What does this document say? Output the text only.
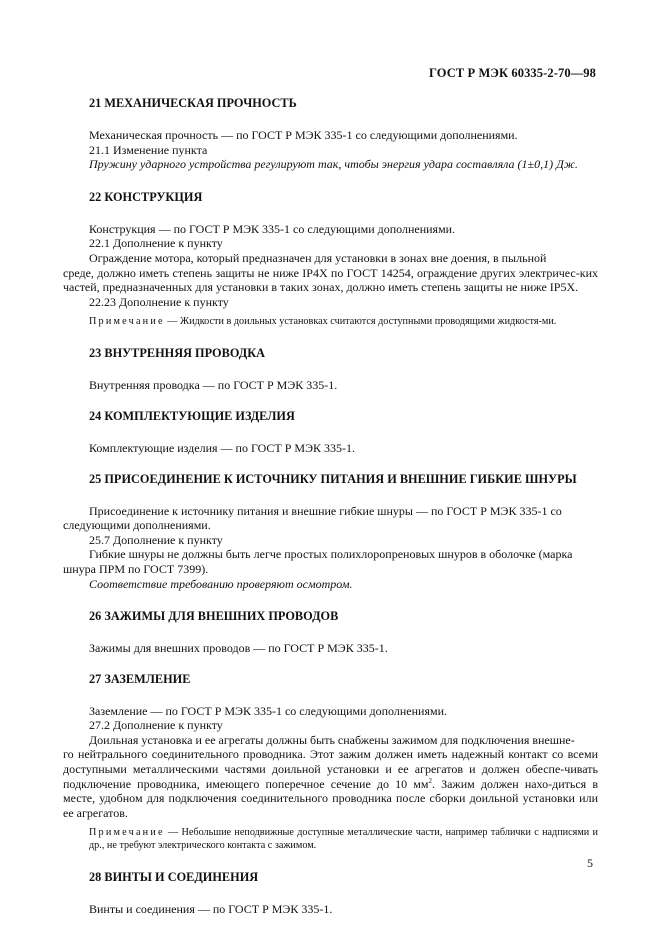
ГОСТ Р МЭК 60335-2-70—98
21 МЕХАНИЧЕСКАЯ ПРОЧНОСТЬ

Механическая прочность — по ГОСТ Р МЭК 335-1 со следующими дополнениями.

21.1 Изменение пункта

Пружину ударного устройства регулируют так, чтобы энергия удара составляла (1±0,1) Дж.

22 КОНСТРУКЦИЯ

Конструкция — по ГОСТ Р МЭК 335-1 со следующими дополнениями.

22.1 Дополнение к пункту

Ограждение мотора, который предназначен для установки в зонах вне доения, в пыльной

среде, должно иметь степень защиты не ниже IP4X по ГОСТ 14254, ограждение других электричес-ких частей, предназначенных для установки в таких зонах, должно иметь степень защиты не ниже IP5X.

22.23 Дополнение к пункту

Примечание — Жидкости в доильных установках считаются доступными проводящими жидкостя-ми.

23 ВНУТРЕННЯЯ ПРОВОДКА

Внутренняя проводка — по ГОСТ Р МЭК 335-1.

24 КОМПЛЕКТУЮЩИЕ ИЗДЕЛИЯ

Комплектующие изделия — по ГОСТ Р МЭК 335-1.

25 ПРИСОЕДИНЕНИЕ К ИСТОЧНИКУ ПИТАНИЯ И ВНЕШНИЕ ГИБКИЕ ШНУРЫ

Присоединение к источнику питания и внешние гибкие шнуры — по ГОСТ Р МЭК 335-1 со

следующими дополнениями.

25.7 Дополнение к пункту

Гибкие шнуры не должны быть легче простых полихлоропреновых шнуров в оболочке (марка

шнура ПРМ по ГОСТ 7399).

Соответствие требованию проверяют осмотром.

26 ЗАЖИМЫ ДЛЯ ВНЕШНИХ ПРОВОДОВ

Зажимы для внешних проводов — по ГОСТ Р МЭК 335-1.

27 ЗАЗЕМЛЕНИЕ

Заземление — по ГОСТ Р МЭК 335-1 со следующими дополнениями.

27.2 Дополнение к пункту

Доильная установка и ее агрегаты должны быть снабжены зажимом для подключения внешне-

го нейтрального соединительного проводника. Этот зажим должен иметь надежный контакт со всеми доступными металлическими частями доильной установки и ее агрегатов и должен обеспе-чивать подключение проводника, имеющего поперечное сечение до 10 $мм^2$. Зажим должен нахо-диться в месте, удобном для подключения соединительного проводника после сборки доильной установки или ее агрегатов.

Примечание — Небольшие неподвижные доступные металлические части, например таблички с надписями и др., не требуют электрического контакта с зажимом.

28 ВИНТЫ И СОЕДИНЕНИЯ

Винты и соединения — по ГОСТ Р МЭК 335-1.

5
